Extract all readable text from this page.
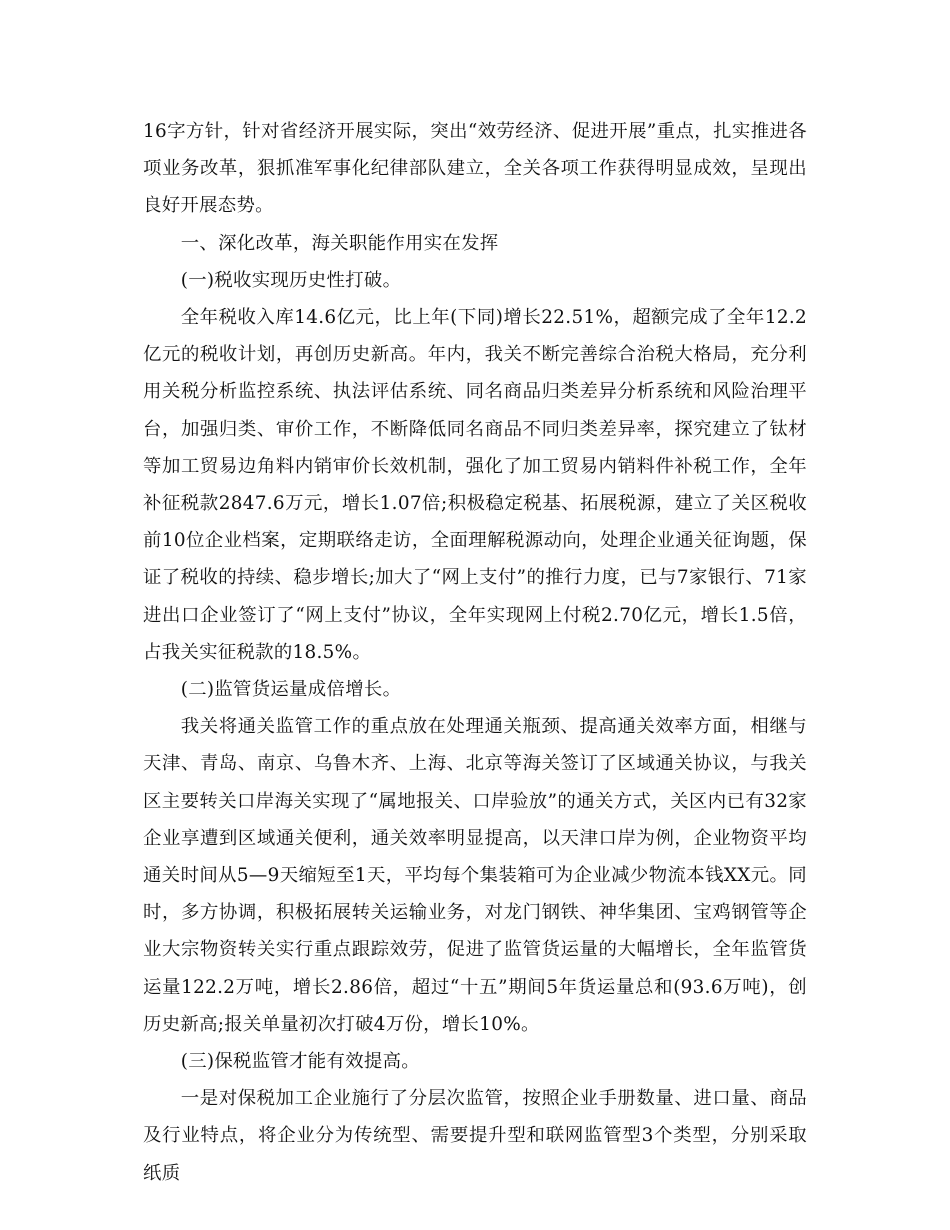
16字方针，针对省经济开展实际，突出“效劳经济、促进开展”重点，扎实推进各项业务改革，狠抓准军事化纪律部队建立，全关各项工作获得明显成效，呈现出良好开展态势。

一、深化改革，海关职能作用实在发挥

(一)税收实现历史性打破。

全年税收入库14.6亿元，比上年(下同)增长22.51%，超额完成了全年12.2亿元的税收计划，再创历史新高。年内，我关不断完善综合治税大格局，充分利用关税分析监控系统、执法评估系统、同名商品归类差异分析系统和风险治理平台，加强归类、审价工作，不断降低同名商品不同归类差异率，探究建立了钛材等加工贸易边角料内销审价长效机制，强化了加工贸易内销料件补税工作，全年补征税款2847.6万元，增长1.07倍;积极稳定税基、拓展税源，建立了关区税收前10位企业档案，定期联络走访，全面理解税源动向，处理企业通关征询题，保证了税收的持续、稳步增长;加大了“网上支付”的推行力度，已与7家银行、71家进出口企业签订了“网上支付”协议，全年实现网上付税2.70亿元，增长1.5倍，占我关实征税款的18.5%。

(二)监管货运量成倍增长。

我关将通关监管工作的重点放在处理通关瓶颈、提高通关效率方面，相继与天津、青岛、南京、乌鲁木齐、上海、北京等海关签订了区域通关协议，与我关区主要转关口岸海关实现了“属地报关、口岸验放”的通关方式，关区内已有32家企业享遭到区域通关便利，通关效率明显提高，以天津口岸为例，企业物资平均通关时间从5—9天缩短至1天，平均每个集装箱可为企业减少物流本钱XX元。同时，多方协调，积极拓展转关运输业务，对龙门钢铁、神华集团、宝鸡钢管等企业大宗物资转关实行重点跟踪效劳，促进了监管货运量的大幅增长，全年监管货运量122.2万吨，增长2.86倍，超过“十五”期间5年货运量总和(93.6万吨)，创历史新高;报关单量初次打破4万份，增长10%。

(三)保税监管才能有效提高。

一是对保税加工企业施行了分层次监管，按照企业手册数量、进口量、商品及行业特点，将企业分为传统型、需要提升型和联网监管型3个类型，分别采取纸质
